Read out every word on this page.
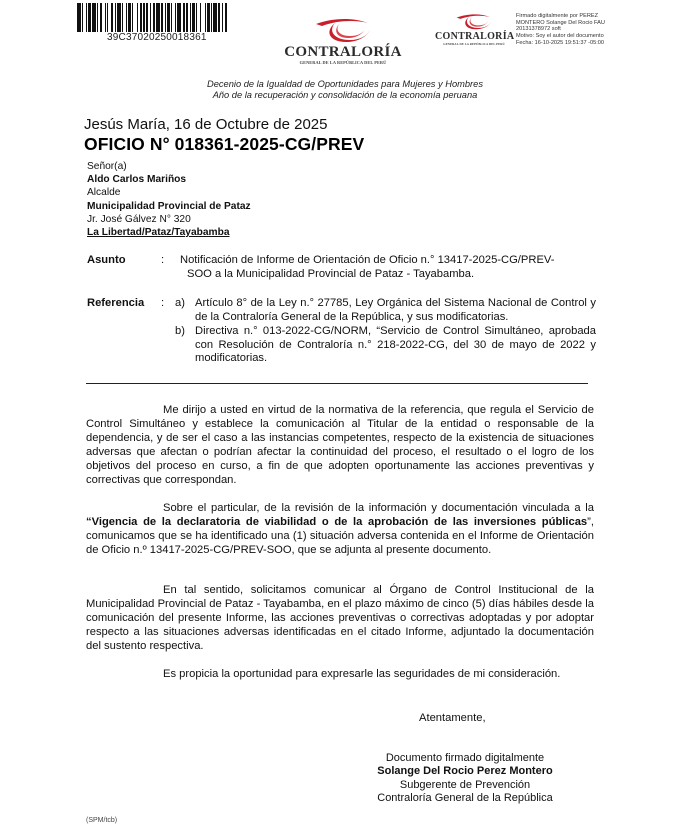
39C37020250018361
CONTRALORÍA
GENERAL DE LA REPÚBLICA DEL PERÚ
CONTRALORÍA
GENERAL DE LA REPÚBLICA DEL PERÚ
Firmado digitalmente por PEREZ
MONTERO Solange Del Rocio FAU
20131378972 soft
Motivo: Soy el autor del documento
Fecha: 16-10-2025 19:51:37 -05:00
Decenio de la Igualdad de Oportunidades para Mujeres y Hombres
Año de la recuperación y consolidación de la economía peruana
Jesús María, 16 de Octubre de 2025
OFICIO N° 018361-2025-CG/PREV
Señor(a)
Aldo Carlos Mariños
Alcalde
Municipalidad Provincial de Pataz
Jr. José Gálvez N° 320
La Libertad/Pataz/Tayabamba
Asunto	: Notificación de Informe de Orientación de Oficio n.° 13417-2025-CG/PREV-
SOO a la Municipalidad Provincial de Pataz - Tayabamba.
Referencia : a) Artículo 8° de la Ley n.° 27785, Ley Orgánica del Sistema Nacional de Control y de la Contraloría General de la República, y sus modificatorias.
b) Directiva n.° 013-2022-CG/NORM, “Servicio de Control Simultáneo, aprobada con Resolución de Contraloría n.° 218-2022-CG, del 30 de mayo de 2022 y modificatorias.
Me dirijo a usted en virtud de la normativa de la referencia, que regula el Servicio de Control Simultáneo y establece la comunicación al Titular de la entidad o responsable de la dependencia, y de ser el caso a las instancias competentes, respecto de la existencia de situaciones adversas que afectan o podrían afectar la continuidad del proceso, el resultado o el logro de los objetivos del proceso en curso, a fin de que adopten oportunamente las acciones preventivas y correctivas que correspondan.
Sobre el particular, de la revisión de la información y documentación vinculada a la “Vigencia de la declaratoria de viabilidad o de la aprobación de las inversiones públicas”, comunicamos que se ha identificado una (1) situación adversa contenida en el Informe de Orientación de Oficio n.º 13417-2025-CG/PREV-SOO, que se adjunta al presente documento.
En tal sentido, solicitamos comunicar al Órgano de Control Institucional de la Municipalidad Provincial de Pataz - Tayabamba, en el plazo máximo de cinco (5) días hábiles desde la comunicación del presente Informe, las acciones preventivas o correctivas adoptadas y por adoptar respecto a las situaciones adversas identificadas en el citado Informe, adjuntado la documentación del sustento respectiva.
Es propicia la oportunidad para expresarle las seguridades de mi consideración.
Atentamente,
Documento firmado digitalmente
Solange Del Rocio Perez Montero
Subgerente de Prevención
Contraloría General de la República
(SPM/tcb)
